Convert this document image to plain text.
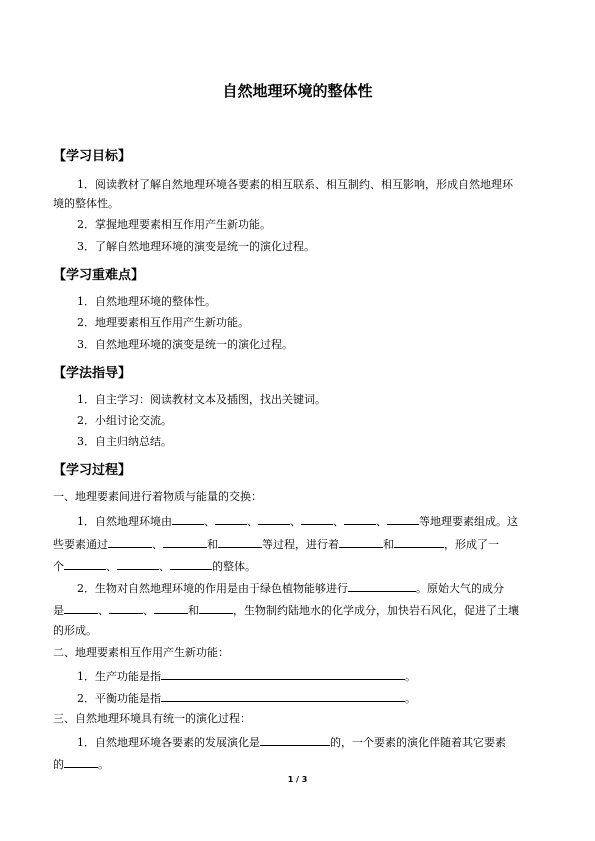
自然地理环境的整体性
【学习目标】
1．阅读教材了解自然地理环境各要素的相互联系、相互制约、相互影响，形成自然地理环
境的整体性。
2．掌握地理要素相互作用产生新功能。
3．了解自然地理环境的演变是统一的演化过程。
【学习重难点】
1．自然地理环境的整体性。
2．地理要素相互作用产生新功能。
3．自然地理环境的演变是统一的演化过程。
【学法指导】
1．自主学习：阅读教材文本及插图，找出关键词。
2．小组讨论交流。
3．自主归纳总结。
【学习过程】
一、地理要素间进行着物质与能量的交换：
1．自然地理环境由	、	、	、	、	、	等地理要素组成。这
些要素通过	、	和	等过程，进行着	和	，形成了一
个	、	、	的整体。
2．生物对自然地理环境的作用是由于绿色植物能够进行	。原始大气的成分
是	、	、	和	，生物制约陆地水的化学成分，加快岩石风化，促进了土壤
的形成。
二、地理要素相互作用产生新功能：
1．生产功能是指	。
2．平衡功能是指	。
三、自然地理环境具有统一的演化过程：
1．自然地理环境各要素的发展演化是	的，一个要素的演化伴随着其它要素
的	。
1 / 3
